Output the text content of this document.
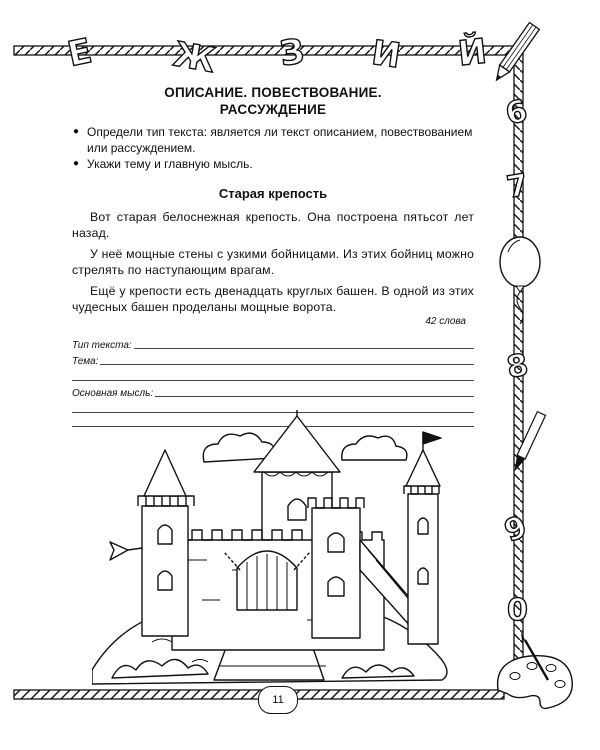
Е Ж З И Й
6
7
8
9
0
ОПИСАНИЕ. ПОВЕСТВОВАНИЕ.
РАССУЖДЕНИЕ
● Определи тип текста: является ли текст описанием, повествованием или рассуждением.
● Укажи тему и главную мысль.
Старая крепость
Вот старая белоснежная крепость. Она построена пятьсот лет назад.
У неё мощные стены с узкими бойницами. Из этих бойниц можно стрелять по наступающим врагам.
Ещё у крепости есть двенадцать круглых башен. В одной из этих чудесных башен проделаны мощные ворота.
42 слова
Тип текста:
Тема:
Основная мысль:
11
